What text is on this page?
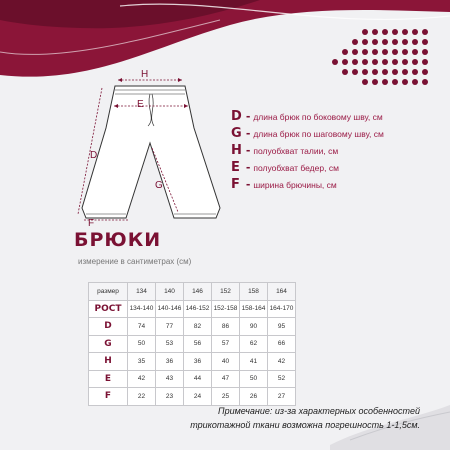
H
E
D
G
F
D - длина брюк по боковому шву, см
G - длина брюк по шаговому шву, см
H - полуобхват талии, см
E - полуобхват бедер, см
F - ширина брючины, см
БРЮКИ
измерение в сантиметрах (см)
размер	134	140	146	152	158	164
РОСТ	134-140	140-146	146-152	152-158	158-164	164-170
D	74	77	82	86	90	95
G	50	53	56	57	62	66
H	35	36	36	40	41	42
E	42	43	44	47	50	52
F	22	23	24	25	26	27
Примечание: из-за характерных особенностей
трикотажной ткани возможна погрешность 1-1,5см.
